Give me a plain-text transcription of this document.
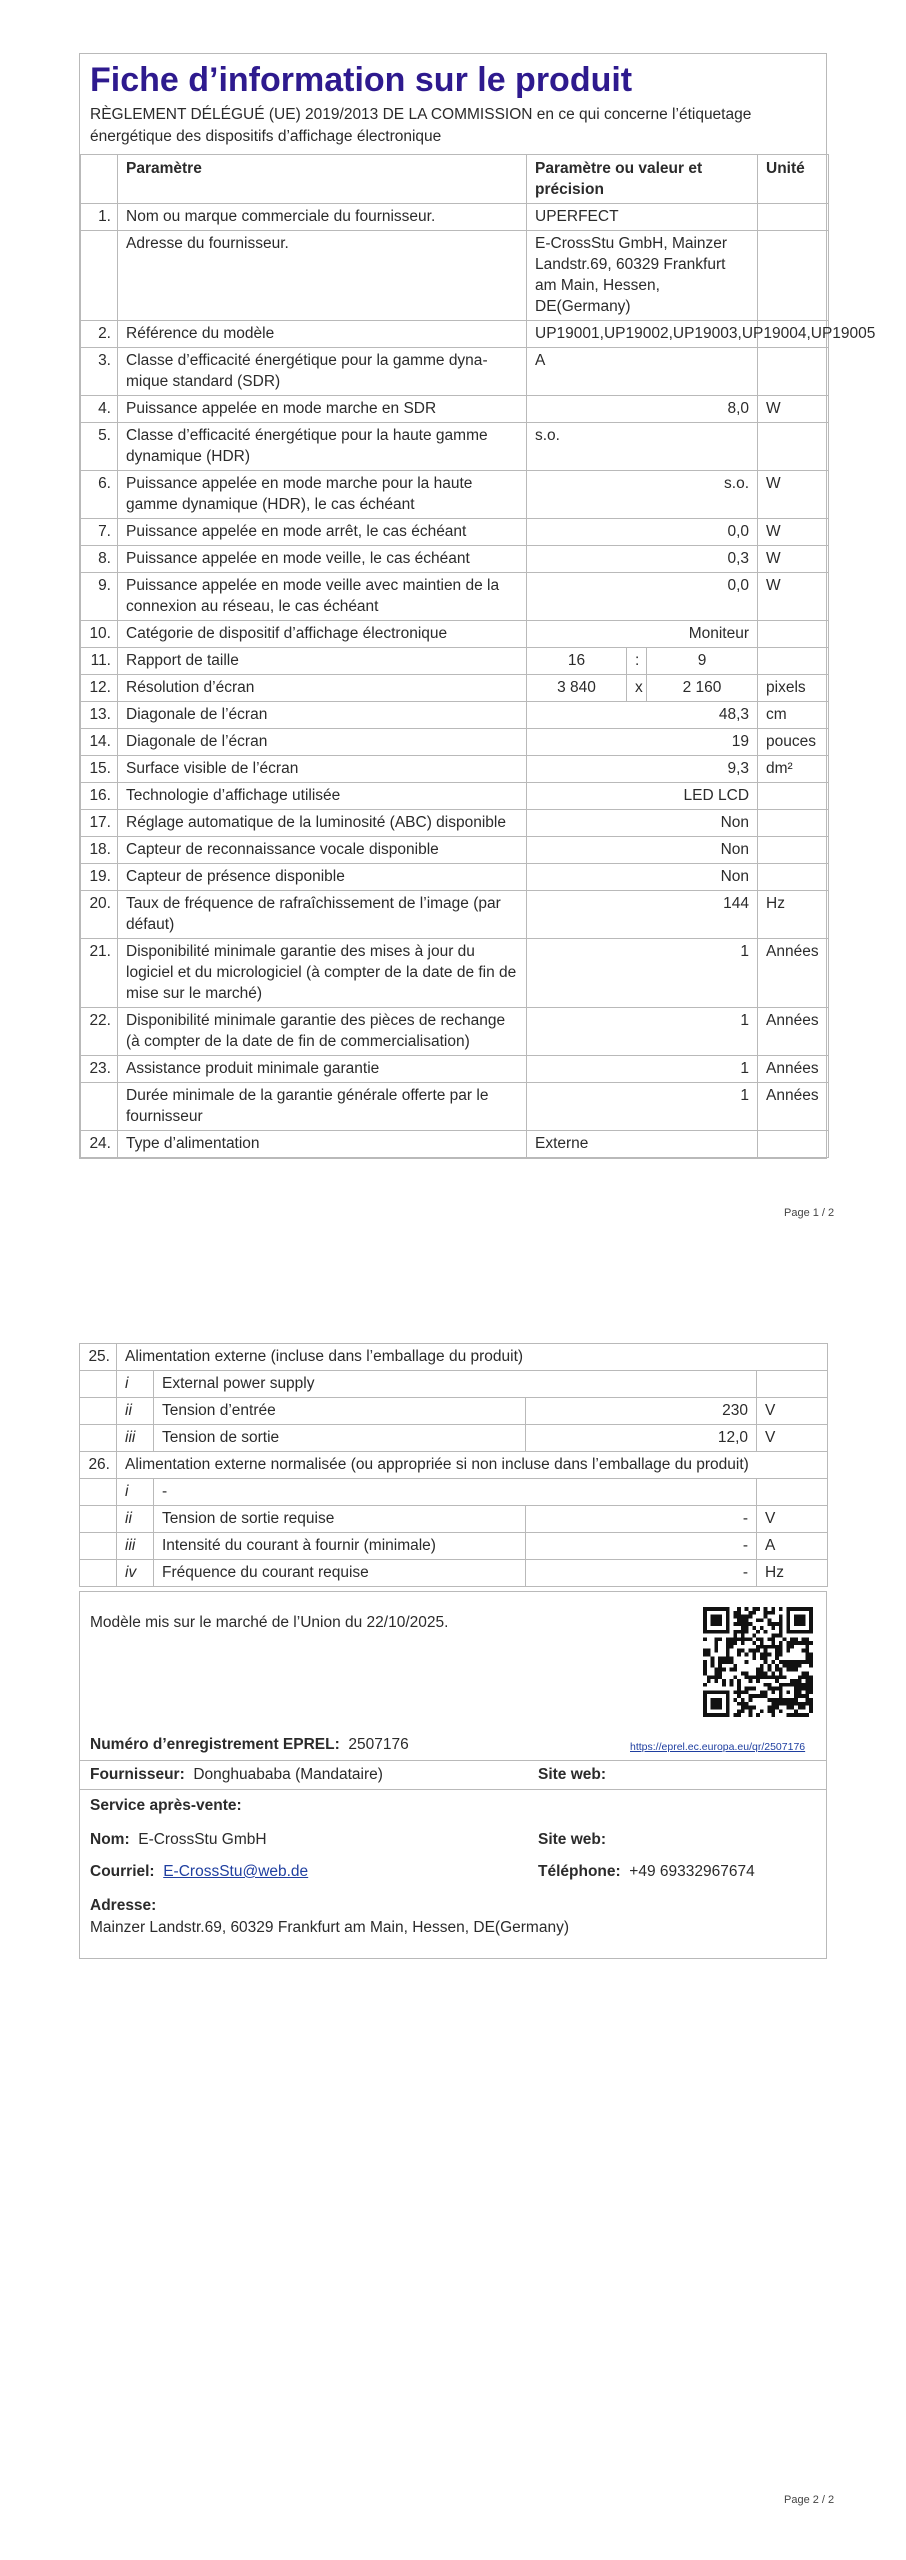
Fiche d’information sur le produit
RÈGLEMENT DÉLÉGUÉ (UE) 2019/2013 DE LA COMMISSION en ce qui concerne l’étiquetage énergétique des dispositifs d’affichage électronique
	Paramètre	Paramètre ou valeur et précision			Unité
1.	Nom ou marque commerciale du fournisseur.	UPERFECT			
	Adresse du fournisseur.	E-CrossStu GmbH, Mainzer Landstr.69, 60329 Frankfurt am Main, Hessen, DE(Germany)			
2.	Référence du modèle	UP19001,UP19002,UP19003,UP19004,UP19005			
3.	Classe d’efficacité énergétique pour la gamme dynamique standard (SDR)	A			
4.	Puissance appelée en mode marche en SDR	8,0			W
5.	Classe d’efficacité énergétique pour la haute gamme dynamique (HDR)	s.o.			
6.	Puissance appelée en mode marche pour la haute gamme dynamique (HDR), le cas échéant	s.o.			W
7.	Puissance appelée en mode arrêt, le cas échéant	0,0			W
8.	Puissance appelée en mode veille, le cas échéant	0,3			W
9.	Puissance appelée en mode veille avec maintien de la connexion au réseau, le cas échéant	0,0			W
10.	Catégorie de dispositif d’affichage électronique	Moniteur			
11.	Rapport de taille	16	:	9	
12.	Résolution d’écran	3 840	x	2 160	pixels
13.	Diagonale de l’écran	48,3			cm
14.	Diagonale de l’écran	19			pouces
15.	Surface visible de l’écran	9,3			dm²
16.	Technologie d’affichage utilisée	LED LCD			
17.	Réglage automatique de la luminosité (ABC) disponible	Non			
18.	Capteur de reconnaissance vocale disponible	Non			
19.	Capteur de présence disponible	Non			
20.	Taux de fréquence de rafraîchissement de l’image (par défaut)	144			Hz
21.	Disponibilité minimale garantie des mises à jour du logiciel et du micrologiciel (à compter de la date de fin de mise sur le marché)	1			Années
22.	Disponibilité minimale garantie des pièces de rechange (à compter de la date de fin de commercialisation)	1			Années
23.	Assistance produit minimale garantie	1			Années
	Durée minimale de la garantie générale offerte par le fournisseur	1			Années
24.	Type d’alimentation	Externe			
Page 1 / 2
25.	Alimentation externe (incluse dans l’emballage du produit)			
	i	External power supply		
	ii	Tension d’entrée	230	V
	iii	Tension de sortie	12,0	V
26.	Alimentation externe normalisée (ou appropriée si non incluse dans l’emballage du produit)			
	i	-		
	ii	Tension de sortie requise	-	V
	iii	Intensité du courant à fournir (minimale)	-	A
	iv	Fréquence du courant requise	-	Hz
Modèle mis sur le marché de l’Union du 22/10/2025.
Numéro d’enregistrement EPREL: 2507176	https://eprel.ec.europa.eu/qr/2507176
Fournisseur: Donghuababa (Mandataire)	Site web:
Service après-vente:
Nom: E-CrossStu GmbH	Site web:
Courriel: E-CrossStu@web.de	Téléphone: +49 69332967674
Adresse:
Mainzer Landstr.69, 60329 Frankfurt am Main, Hessen, DE(Germany)
Page 2 / 2
